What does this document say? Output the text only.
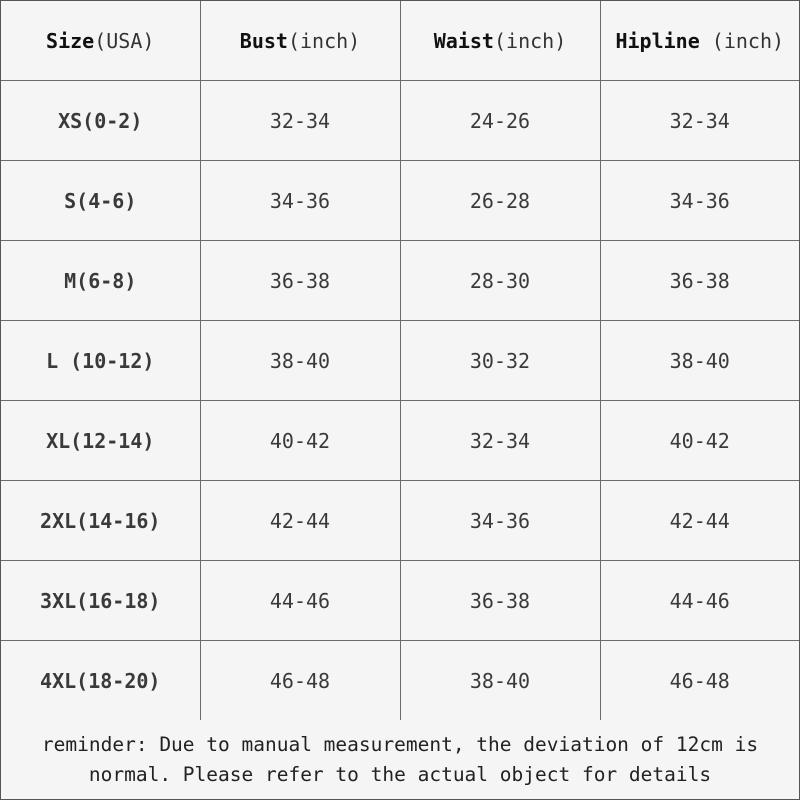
Size(USA)	Bust(inch)	Waist(inch)	Hipline (inch)
XS(0-2)	32-34	24-26	32-34
S(4-6)	34-36	26-28	34-36
M(6-8)	36-38	28-30	36-38
L (10-12)	38-40	30-32	38-40
XL(12-14)	40-42	32-34	40-42
2XL(14-16)	42-44	34-36	42-44
3XL(16-18)	44-46	36-38	44-46
4XL(18-20)	46-48	38-40	46-48
reminder: Due to manual measurement, the deviation of 12cm is
normal. Please refer to the actual object for details
